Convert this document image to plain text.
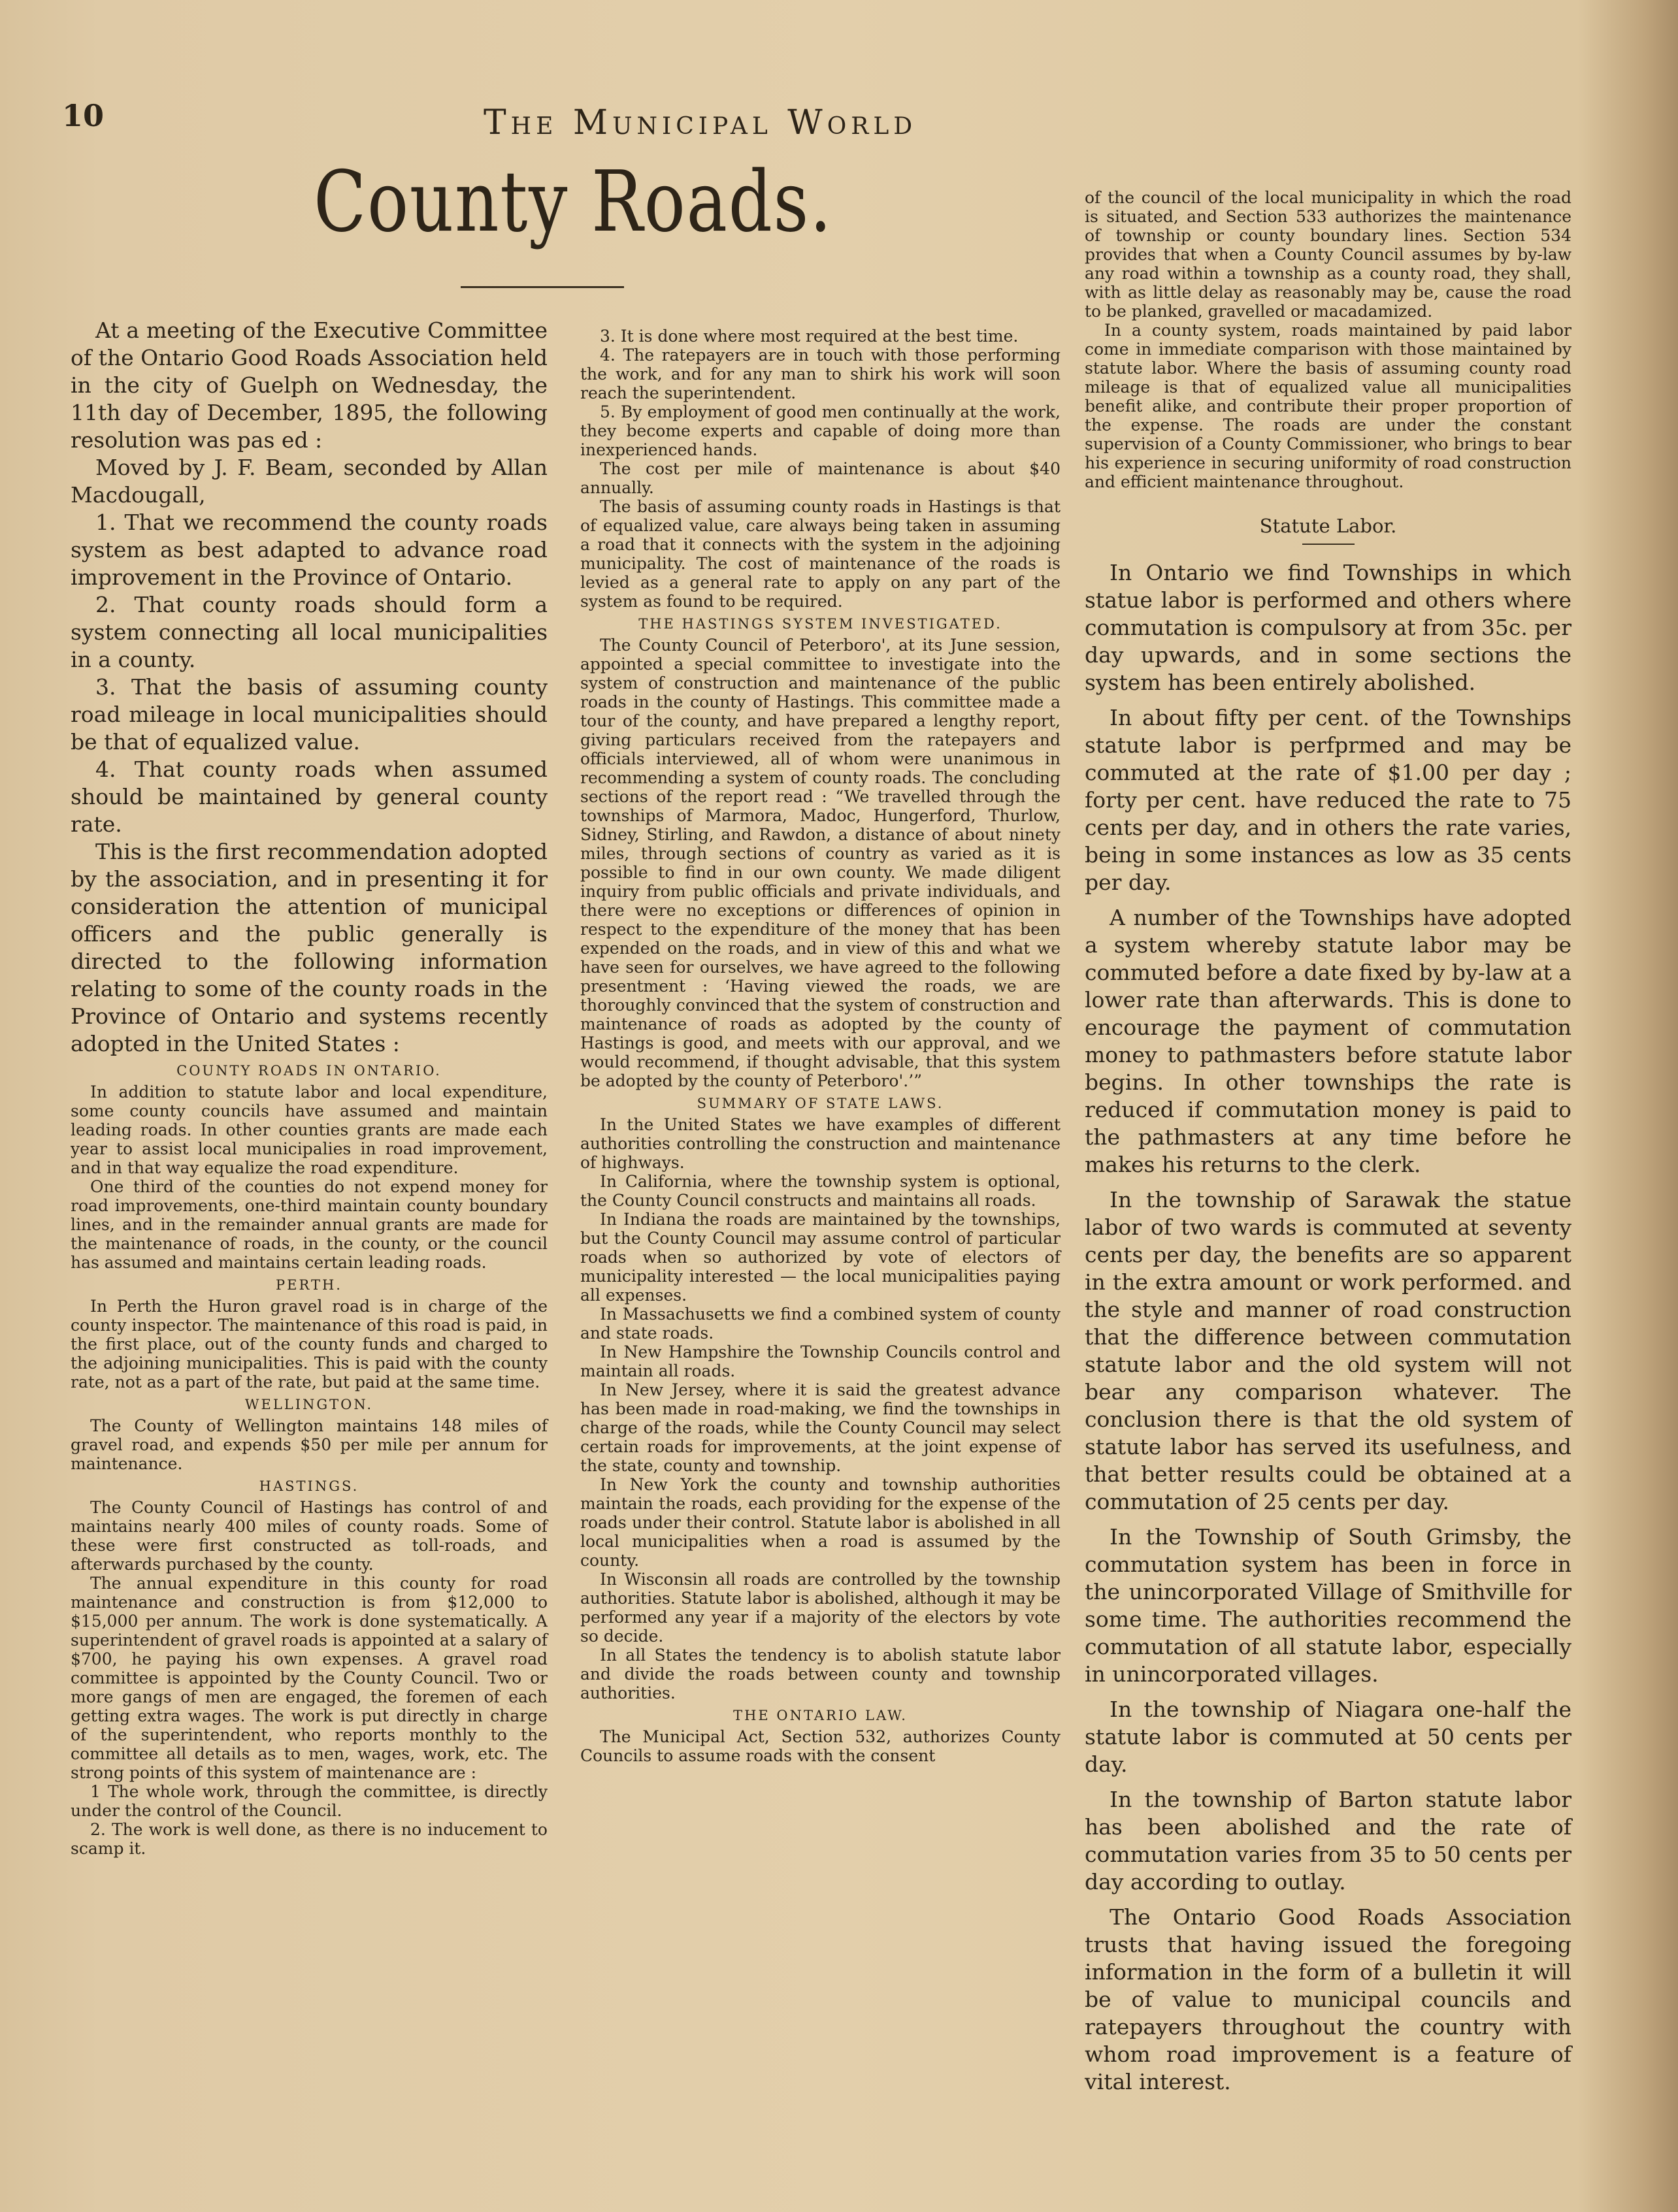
10	The Municipal World
County Roads.

At a meeting of the Executive Committee of the Ontario Good Roads Association held in the city of Guelph on Wednesday, the 11th day of December, 1895, the following resolution was pas ed :

Moved by J. F. Beam, seconded by Allan Macdougall,

1. That we recommend the county roads system as best adapted to advance road improvement in the Province of Ontario.

2. That county roads should form a system connecting all local municipalities in a county.

3. That the basis of assuming county road mileage in local municipalities should be that of equalized value.

4. That county roads when assumed should be maintained by general county rate.

This is the first recommendation adopted by the association, and in presenting it for consideration the attention of municipal officers and the public generally is directed to the following information relating to some of the county roads in the Province of Ontario and systems recently adopted in the United States :

COUNTY ROADS IN ONTARIO.

In addition to statute labor and local expenditure, some county councils have assumed and maintain leading roads. In other counties grants are made each year to assist local municipalies in road improvement, and in that way equalize the road expenditure.

One third of the counties do not expend money for road improvements, one-third maintain county boundary lines, and in the remainder annual grants are made for the maintenance of roads, in the county, or the council has assumed and maintains certain leading roads.

PERTH.

In Perth the Huron gravel road is in charge of the county inspector. The maintenance of this road is paid, in the first place, out of the county funds and charged to the adjoining municipalities. This is paid with the county rate, not as a part of the rate, but paid at the same time.

WELLINGTON.

The County of Wellington maintains 148 miles of gravel road, and expends $50 per mile per annum for maintenance.

HASTINGS.

The County Council of Hastings has control of and maintains nearly 400 miles of county roads. Some of these were first constructed as toll-roads, and afterwards purchased by the county.

The annual expenditure in this county for road maintenance and construction is from $12,000 to $15,000 per annum. The work is done systematically. A superintendent of gravel roads is appointed at a salary of $700, he paying his own expenses. A gravel road committee is appointed by the County Council. Two or more gangs of men are engaged, the foremen of each getting extra wages. The work is put directly in charge of the superintendent, who reports monthly to the committee all details as to men, wages, work, etc. The strong points of this system of maintenance are :

1 The whole work, through the committee, is directly under the control of the Council.

2. The work is well done, as there is no inducement to scamp it.

3. It is done where most required at the best time.

4. The ratepayers are in touch with those performing the work, and for any man to shirk his work will soon reach the superintendent.

5. By employment of good men continually at the work, they become experts and capable of doing more than inexperienced hands.

The cost per mile of maintenance is about $40 annually.

The basis of assuming county roads in Hastings is that of equalized value, care always being taken in assuming a road that it connects with the system in the adjoining municipality. The cost of maintenance of the roads is levied as a general rate to apply on any part of the system as found to be required.

THE HASTINGS SYSTEM INVESTIGATED.

The County Council of Peterboro', at its June session, appointed a special committee to investigate into the system of construction and maintenance of the public roads in the county of Hastings. This committee made a tour of the county, and have prepared a lengthy report, giving particulars received from the ratepayers and officials interviewed, all of whom were unanimous in recommending a system of county roads. The concluding sections of the report read : “We travelled through the townships of Marmora, Madoc, Hungerford, Thurlow, Sidney, Stirling, and Rawdon, a distance of about ninety miles, through sections of country as varied as it is possible to find in our own county. We made diligent inquiry from public officials and private individuals, and there were no exceptions or differences of opinion in respect to the expenditure of the money that has been expended on the roads, and in view of this and what we have seen for ourselves, we have agreed to the following presentment : ‘Having viewed the roads, we are thoroughly convinced that the system of construction and maintenance of roads as adopted by the county of Hastings is good, and meets with our approval, and we would recommend, if thought advisable, that this system be adopted by the county of Peterboro'.’”

SUMMARY OF STATE LAWS.

In the United States we have examples of different authorities controlling the construction and maintenance of highways.

In California, where the township system is optional, the County Council constructs and maintains all roads.

In Indiana the roads are maintained by the townships, but the County Council may assume control of particular roads when so authorized by vote of electors of municipality interested — the local municipalities paying all expenses.

In Massachusetts we find a combined system of county and state roads.

In New Hampshire the Township Councils control and maintain all roads.

In New Jersey, where it is said the greatest advance has been made in road-making, we find the townships in charge of the roads, while the County Council may select certain roads for improvements, at the joint expense of the state, county and township.

In New York the county and township authorities maintain the roads, each providing for the expense of the roads under their control. Statute labor is abolished in all local municipalities when a road is assumed by the county.

In Wisconsin all roads are controlled by the township authorities. Statute labor is abolished, although it may be performed any year if a majority of the electors by vote so decide.

In all States the tendency is to abolish statute labor and divide the roads between county and township authorities.

THE ONTARIO LAW.

The Municipal Act, Section 532, authorizes County Councils to assume roads with the consent

of the council of the local municipality in which the road is situated, and Section 533 authorizes the maintenance of township or county boundary lines. Section 534 provides that when a County Council assumes by by-law any road within a township as a county road, they shall, with as little delay as reasonably may be, cause the road to be planked, gravelled or macadamized.

In a county system, roads maintained by paid labor come in immediate comparison with those maintained by statute labor. Where the basis of assuming county road mileage is that of equalized value all municipalities benefit alike, and contribute their proper proportion of the expense. The roads are under the constant supervision of a County Commissioner, who brings to bear his experience in securing uniformity of road construction and efficient maintenance throughout.

Statute Labor.

In Ontario we find Townships in which statue labor is performed and others where commutation is compulsory at from 35c. per day upwards, and in some sections the system has been entirely abolished.

In about fifty per cent. of the Townships statute labor is perfprmed and may be commuted at the rate of $1.00 per day ; forty per cent. have reduced the rate to 75 cents per day, and in others the rate varies, being in some instances as low as 35 cents per day.

A number of the Townships have adopted a system whereby statute labor may be commuted before a date fixed by by-law at a lower rate than afterwards. This is done to encourage the payment of commutation money to pathmasters before statute labor begins. In other townships the rate is reduced if commutation money is paid to the pathmasters at any time before he makes his returns to the clerk.

In the township of Sarawak the statue labor of two wards is commuted at seventy cents per day, the benefits are so apparent in the extra amount or work performed. and the style and manner of road construction that the difference between commutation statute labor and the old system will not bear any comparison whatever. The conclusion there is that the old system of statute labor has served its usefulness, and that better results could be obtained at a commutation of 25 cents per day.

In the Township of South Grimsby, the commutation system has been in force in the unincorporated Village of Smithville for some time. The authorities recommend the commutation of all statute labor, especially in unincorporated villages.

In the township of Niagara one-half the statute labor is commuted at 50 cents per day.

In the township of Barton statute labor has been abolished and the rate of commutation varies from 35 to 50 cents per day according to outlay.

The Ontario Good Roads Association trusts that having issued the foregoing information in the form of a bulletin it will be of value to municipal councils and ratepayers throughout the country with whom road improvement is a feature of vital interest.
